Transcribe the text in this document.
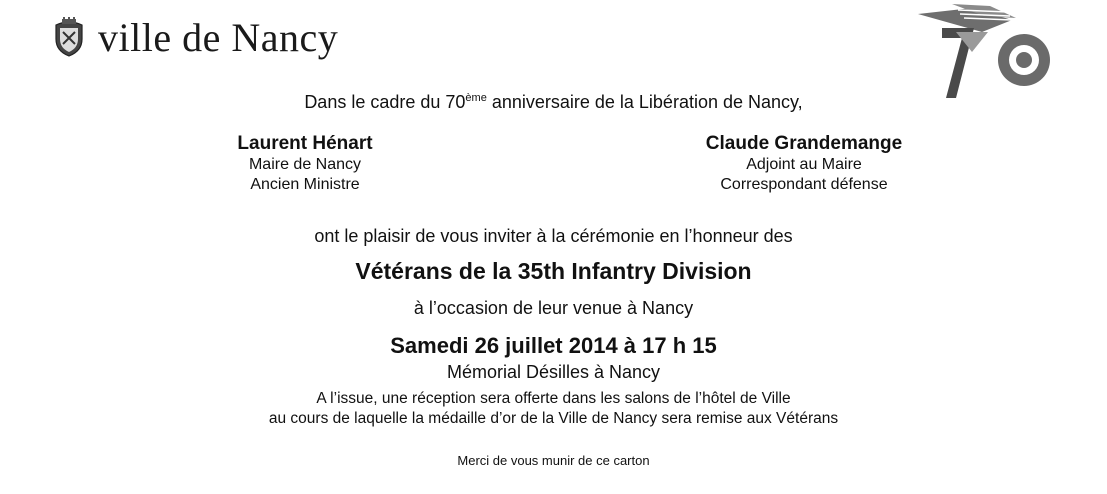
ville de Nancy
Dans le cadre du 70ème anniversaire de la Libération de Nancy,
Laurent Hénart
Maire de Nancy
Ancien Ministre
Claude Grandemange
Adjoint au Maire
Correspondant défense
ont le plaisir de vous inviter à la cérémonie en l’honneur des
Vétérans de la 35th Infantry Division
à l’occasion de leur venue à Nancy
Samedi 26 juillet 2014 à 17 h 15
Mémorial Désilles à Nancy
A l’issue, une réception sera offerte dans les salons de l’hôtel de Ville
au cours de laquelle la médaille d’or de la Ville de Nancy sera remise aux Vétérans
Merci de vous munir de ce carton
